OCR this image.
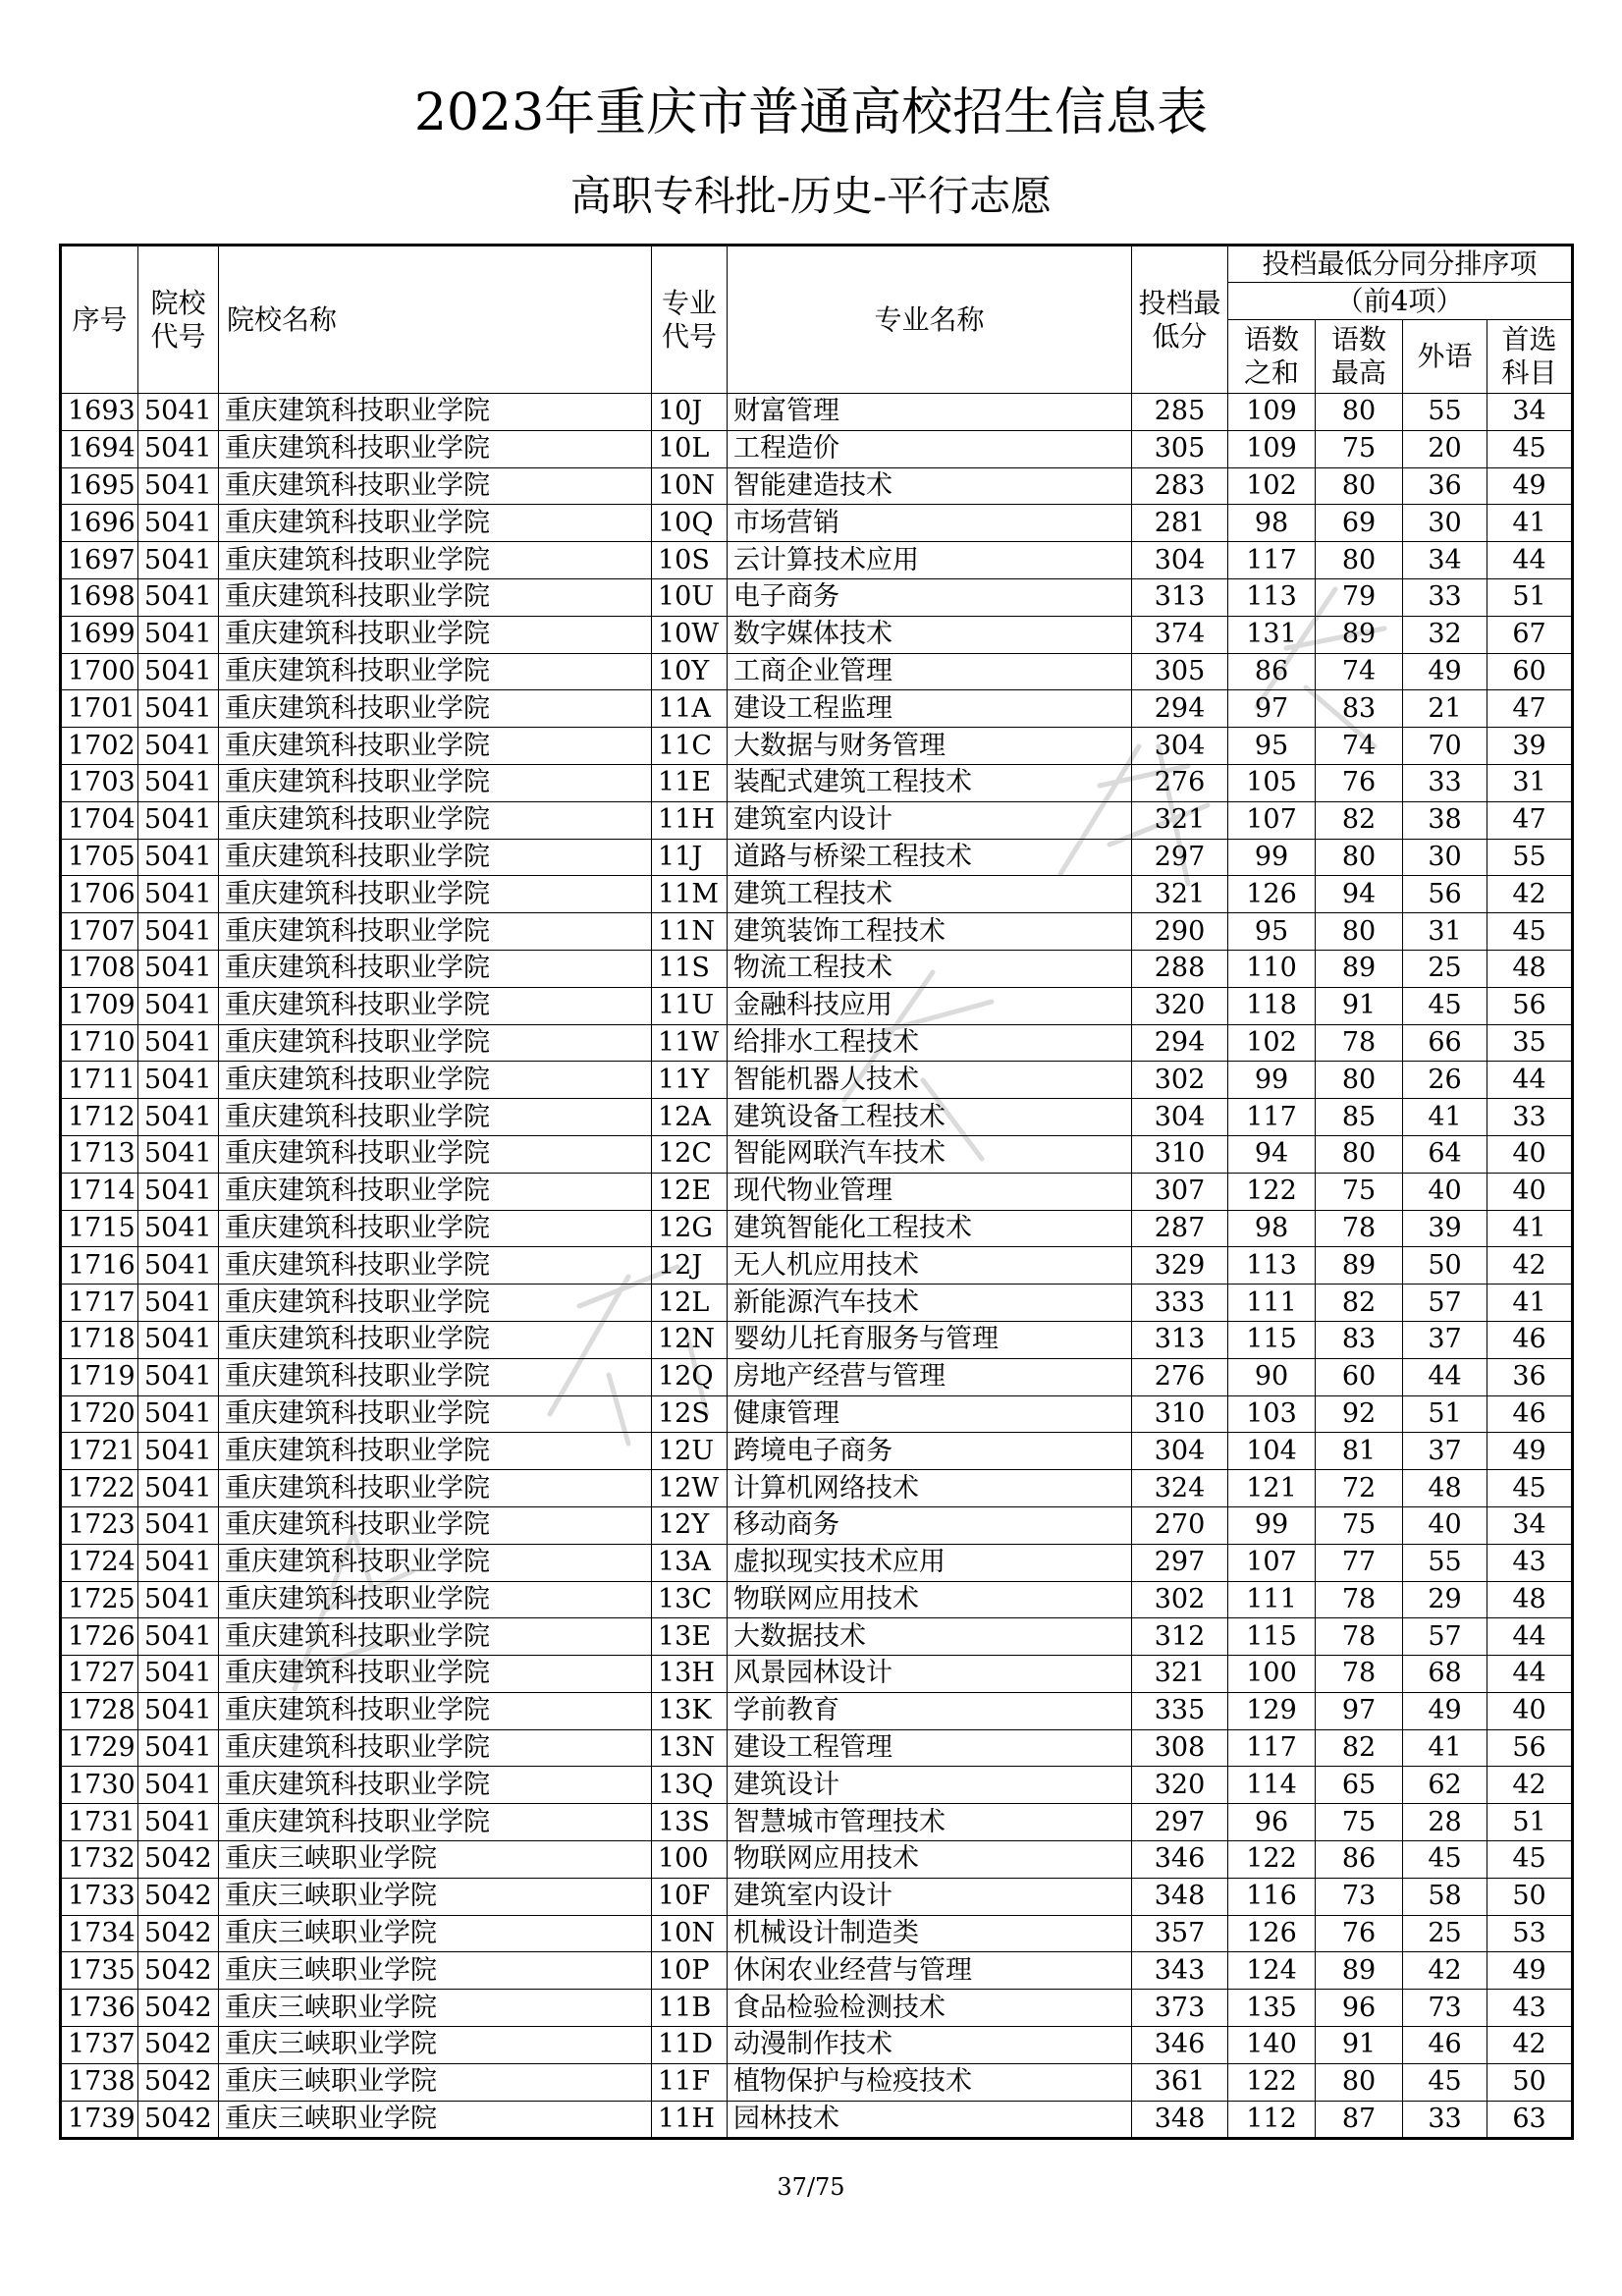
2023年重庆市普通高校招生信息表
高职专科批-历史-平行志愿
序号	院校代号	院校名称	专业代号	专业名称	投档最低分	投档最低分同分排序项			
						（前4项）			
						语数之和	语数最高	外语	首选科目
1693	5041	重庆建筑科技职业学院	10J	财富管理	285	109	80	55	34
1694	5041	重庆建筑科技职业学院	10L	工程造价	305	109	75	20	45
1695	5041	重庆建筑科技职业学院	10N	智能建造技术	283	102	80	36	49
1696	5041	重庆建筑科技职业学院	10Q	市场营销	281	98	69	30	41
1697	5041	重庆建筑科技职业学院	10S	云计算技术应用	304	117	80	34	44
1698	5041	重庆建筑科技职业学院	10U	电子商务	313	113	79	33	51
1699	5041	重庆建筑科技职业学院	10W	数字媒体技术	374	131	89	32	67
1700	5041	重庆建筑科技职业学院	10Y	工商企业管理	305	86	74	49	60
1701	5041	重庆建筑科技职业学院	11A	建设工程监理	294	97	83	21	47
1702	5041	重庆建筑科技职业学院	11C	大数据与财务管理	304	95	74	70	39
1703	5041	重庆建筑科技职业学院	11E	装配式建筑工程技术	276	105	76	33	31
1704	5041	重庆建筑科技职业学院	11H	建筑室内设计	321	107	82	38	47
1705	5041	重庆建筑科技职业学院	11J	道路与桥梁工程技术	297	99	80	30	55
1706	5041	重庆建筑科技职业学院	11M	建筑工程技术	321	126	94	56	42
1707	5041	重庆建筑科技职业学院	11N	建筑装饰工程技术	290	95	80	31	45
1708	5041	重庆建筑科技职业学院	11S	物流工程技术	288	110	89	25	48
1709	5041	重庆建筑科技职业学院	11U	金融科技应用	320	118	91	45	56
1710	5041	重庆建筑科技职业学院	11W	给排水工程技术	294	102	78	66	35
1711	5041	重庆建筑科技职业学院	11Y	智能机器人技术	302	99	80	26	44
1712	5041	重庆建筑科技职业学院	12A	建筑设备工程技术	304	117	85	41	33
1713	5041	重庆建筑科技职业学院	12C	智能网联汽车技术	310	94	80	64	40
1714	5041	重庆建筑科技职业学院	12E	现代物业管理	307	122	75	40	40
1715	5041	重庆建筑科技职业学院	12G	建筑智能化工程技术	287	98	78	39	41
1716	5041	重庆建筑科技职业学院	12J	无人机应用技术	329	113	89	50	42
1717	5041	重庆建筑科技职业学院	12L	新能源汽车技术	333	111	82	57	41
1718	5041	重庆建筑科技职业学院	12N	婴幼儿托育服务与管理	313	115	83	37	46
1719	5041	重庆建筑科技职业学院	12Q	房地产经营与管理	276	90	60	44	36
1720	5041	重庆建筑科技职业学院	12S	健康管理	310	103	92	51	46
1721	5041	重庆建筑科技职业学院	12U	跨境电子商务	304	104	81	37	49
1722	5041	重庆建筑科技职业学院	12W	计算机网络技术	324	121	72	48	45
1723	5041	重庆建筑科技职业学院	12Y	移动商务	270	99	75	40	34
1724	5041	重庆建筑科技职业学院	13A	虚拟现实技术应用	297	107	77	55	43
1725	5041	重庆建筑科技职业学院	13C	物联网应用技术	302	111	78	29	48
1726	5041	重庆建筑科技职业学院	13E	大数据技术	312	115	78	57	44
1727	5041	重庆建筑科技职业学院	13H	风景园林设计	321	100	78	68	44
1728	5041	重庆建筑科技职业学院	13K	学前教育	335	129	97	49	40
1729	5041	重庆建筑科技职业学院	13N	建设工程管理	308	117	82	41	56
1730	5041	重庆建筑科技职业学院	13Q	建筑设计	320	114	65	62	42
1731	5041	重庆建筑科技职业学院	13S	智慧城市管理技术	297	96	75	28	51
1732	5042	重庆三峡职业学院	100	物联网应用技术	346	122	86	45	45
1733	5042	重庆三峡职业学院	10F	建筑室内设计	348	116	73	58	50
1734	5042	重庆三峡职业学院	10N	机械设计制造类	357	126	76	25	53
1735	5042	重庆三峡职业学院	10P	休闲农业经营与管理	343	124	89	42	49
1736	5042	重庆三峡职业学院	11B	食品检验检测技术	373	135	96	73	43
1737	5042	重庆三峡职业学院	11D	动漫制作技术	346	140	91	46	42
1738	5042	重庆三峡职业学院	11F	植物保护与检疫技术	361	122	80	45	50
1739	5042	重庆三峡职业学院	11H	园林技术	348	112	87	33	63
37/75
